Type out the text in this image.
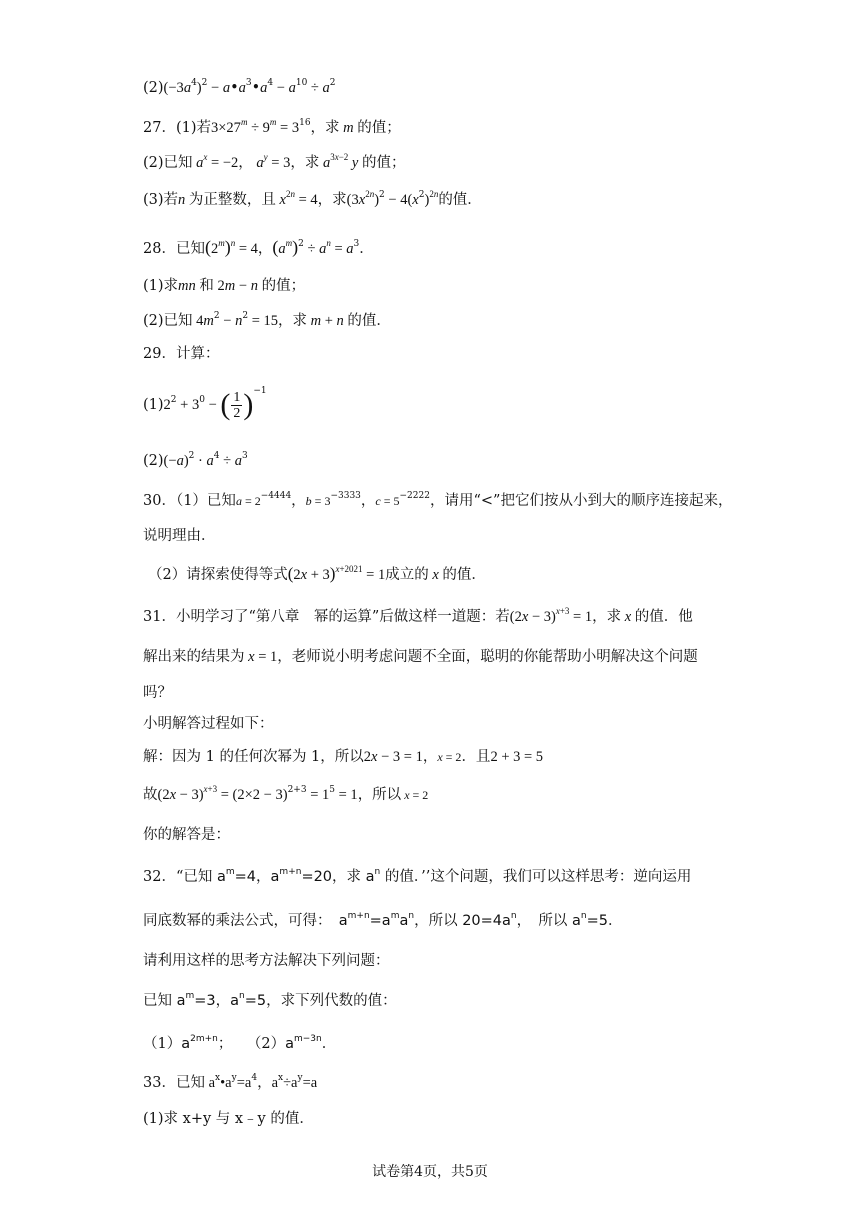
$(2)(-3a^4)^2$ − $a•a^3•a^4 - a^{10} \div a^2$
27．(1)若$3\times 27^m \div 9^m = 3^{16}$，求 m 的值；
(2)已知 $a^x = -2$， $a^y = 3$，求 $a^{3x-2}$ y 的值；
(3)若n 为正整数，且 $x^{2n} = 4$，求$(3x^{2n})^2 - 4(x^2)^{2n}$的值．
28．已知$(2^m)^n = 4$，$(a^m)^2 \div a^n = a^3$．
(1)求mn 和 2m − n 的值；
(2)已知 $4m^2 - n^2 = 15$，求 m + n 的值．
29．计算：
$(1)2^2 + 3^0$ − ( $\frac{1}{2} )^{-1}$
$(2)(-a)^2 \cdot a^4 \div a^3$
30．（1）已知$a = 2^{-4444}$，$b = 3^{-3333}$，$c = 5^{-2222}$，请用“<”把它们按从小到大的顺序连接起来，
说明理由．
（2）请探索使得等式$(2x + 3)^{x+2021} = 1$成立的 x 的值．
31．小明学习了“第八章　幂的运算”后做这样一道题：若$(2x - 3)^{x+3} = 1$，求 x 的值．他
解出来的结果为 x = 1，老师说小明考虑问题不全面，聪明的你能帮助小明解决这个问题
吗？
小明解答过程如下：
解：因为 1 的任何次幂为 1，所以2x − 3 = 1，x = 2．且2 + 3 = 5
故$(2x - 3)^{x+3} = (2\times 2 - 3)^{2+3} = 1^5 = 1$，所以 x = 2
你的解答是：
32．“已知 $a^m=4$，$a^{m+n}=20$，求 $a^n$ 的值．’’这个问题，我们可以这样思考：逆向运用
同底数幂的乘法公式，可得：　$a^{m+n}=a^ma^n$，所以 $20=4a^n$，　所以 $a^n=5$．
请利用这样的思考方法解决下列问题：
已知 $a^m=3$，$a^n=5$，求下列代数的值：
$(1)a^{2m+n}$；　　$(2)a^{m-3n}$．
33．已知 $a^x•a^y=a^4$，$a^x\div a^y=a$
(1)求 x+y 与 x﹣y 的值．
试卷第4页，共5页
